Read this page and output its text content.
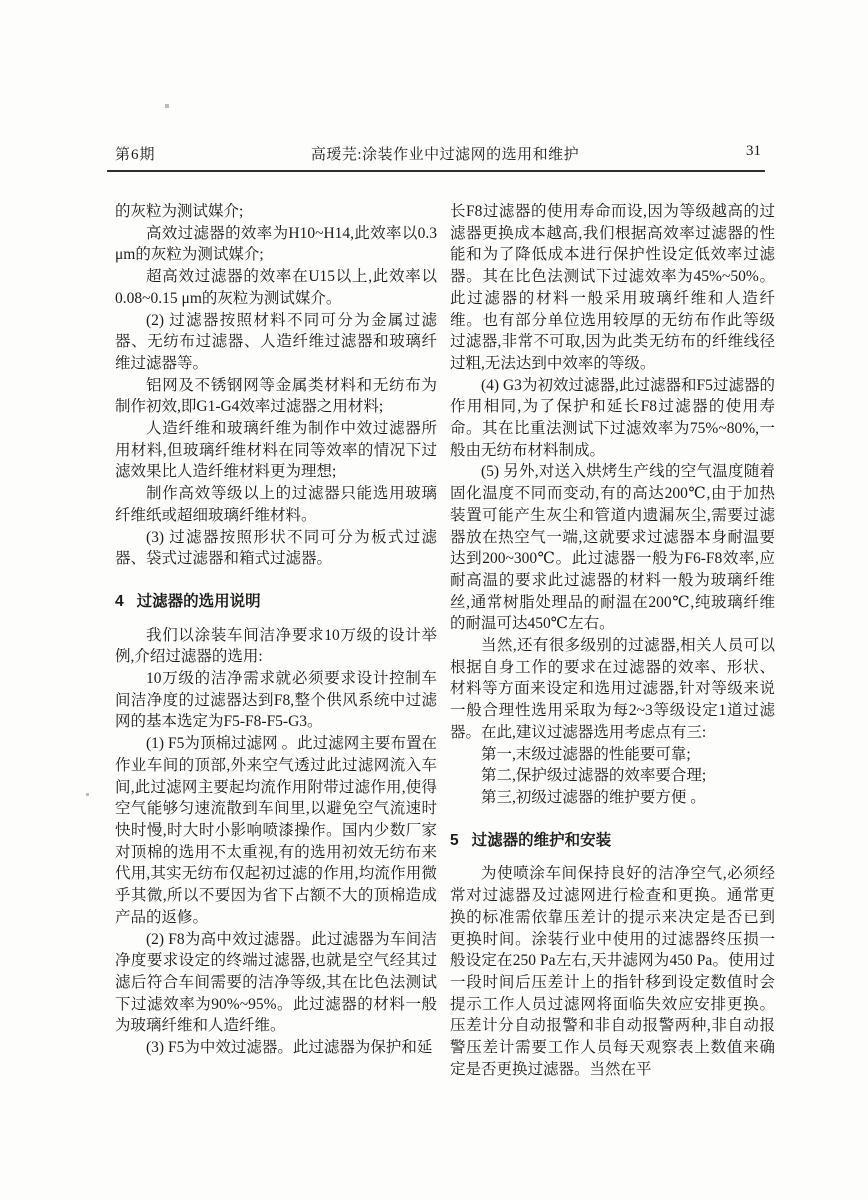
第6期	高瑷芫:涂装作业中过滤网的选用和维护	31

的灰粒为测试媒介;

高效过滤器的效率为H10~H14,此效率以0.3 μm的灰粒为测试媒介;

超高效过滤器的效率在U15以上,此效率以0.08~0.15 μm的灰粒为测试媒介。

(2) 过滤器按照材料不同可分为金属过滤器、无纺布过滤器、人造纤维过滤器和玻璃纤维过滤器等。

铝网及不锈钢网等金属类材料和无纺布为制作初效,即G1-G4效率过滤器之用材料;

人造纤维和玻璃纤维为制作中效过滤器所用材料,但玻璃纤维材料在同等效率的情况下过滤效果比人造纤维材料更为理想;

制作高效等级以上的过滤器只能选用玻璃纤维纸或超细玻璃纤维材料。

(3) 过滤器按照形状不同可分为板式过滤器、袋式过滤器和箱式过滤器。

4 过滤器的选用说明

我们以涂装车间洁净要求10万级的设计举例,介绍过滤器的选用:

10万级的洁净需求就必须要求设计控制车间洁净度的过滤器达到F8,整个供风系统中过滤网的基本选定为F5-F8-F5-G3。

(1) F5为顶棉过滤网 。此过滤网主要布置在作业车间的顶部,外来空气透过此过滤网流入车间,此过滤网主要起均流作用附带过滤作用,使得空气能够匀速流散到车间里,以避免空气流速时快时慢,时大时小影响喷漆操作。国内少数厂家对顶棉的选用不太重视,有的选用初效无纺布来代用,其实无纺布仅起初过滤的作用,均流作用微乎其微,所以不要因为省下占额不大的顶棉造成产品的返修。

(2) F8为高中效过滤器。此过滤器为车间洁净度要求设定的终端过滤器,也就是空气经其过滤后符合车间需要的洁净等级,其在比色法测试下过滤效率为90%~95%。此过滤器的材料一般为玻璃纤维和人造纤维。

(3) F5为中效过滤器。此过滤器为保护和延

长F8过滤器的使用寿命而设,因为等级越高的过滤器更换成本越高,我们根据高效率过滤器的性能和为了降低成本进行保护性设定低效率过滤器。其在比色法测试下过滤效率为45%~50%。此过滤器的材料一般采用玻璃纤维和人造纤维。也有部分单位选用较厚的无纺布作此等级过滤器,非常不可取,因为此类无纺布的纤维线径过粗,无法达到中效率的等级。

(4) G3为初效过滤器,此过滤器和F5过滤器的作用相同,为了保护和延长F8过滤器的使用寿命。其在比重法测试下过滤效率为75%~80%,一般由无纺布材料制成。

(5) 另外,对送入烘烤生产线的空气温度随着固化温度不同而变动,有的高达200℃,由于加热装置可能产生灰尘和管道内遗漏灰尘,需要过滤器放在热空气一端,这就要求过滤器本身耐温要达到200~300℃。此过滤器一般为F6-F8效率,应耐高温的要求此过滤器的材料一般为玻璃纤维丝,通常树脂处理品的耐温在200℃,纯玻璃纤维的耐温可达450℃左右。

当然,还有很多级别的过滤器,相关人员可以根据自身工作的要求在过滤器的效率、形状、材料等方面来设定和选用过滤器,针对等级来说一般合理性选用采取为每2~3等级设定1道过滤器。在此,建议过滤器选用考虑点有三:

第一,末级过滤器的性能要可靠;

第二,保护级过滤器的效率要合理;

第三,初级过滤器的维护要方便 。

5 过滤器的维护和安装

为使喷涂车间保持良好的洁净空气,必须经常对过滤器及过滤网进行检查和更换。通常更换的标准需依靠压差计的提示来决定是否已到更换时间。涂装行业中使用的过滤器终压损一般设定在250 Pa左右,天井滤网为450 Pa。使用过一段时间后压差计上的指针移到设定数值时会提示工作人员过滤网将面临失效应安排更换。压差计分自动报警和非自动报警两种,非自动报警压差计需要工作人员每天观察表上数值来确定是否更换过滤器。当然在平
